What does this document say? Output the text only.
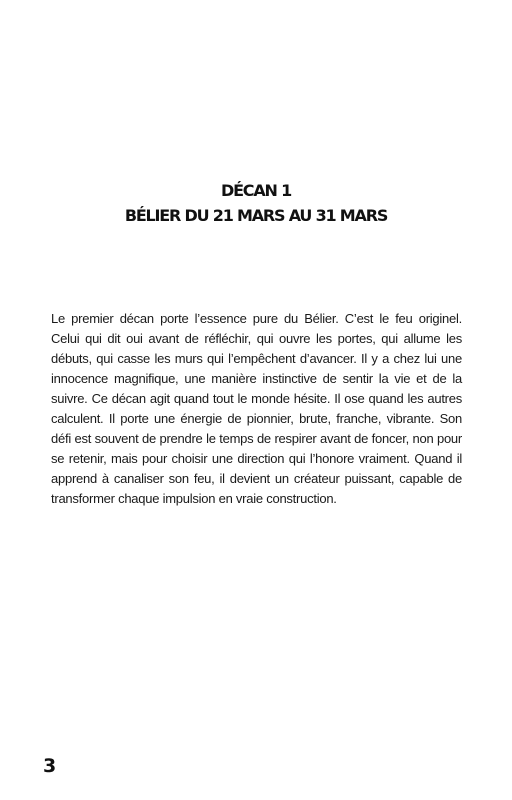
DÉCAN 1
BÉLIER DU 21 MARS AU 31 MARS

Le premier décan porte l’essence pure du Bélier. C’est le feu originel. Celui qui dit oui avant de réfléchir, qui ouvre les portes, qui allume les débuts, qui casse les murs qui l’empêchent d’avancer. Il y a chez lui une innocence magnifique, une manière instinctive de sentir la vie et de la suivre. Ce décan agit quand tout le monde hésite. Il ose quand les autres calculent. Il porte une énergie de pionnier, brute, franche, vibrante. Son défi est souvent de prendre le temps de respirer avant de foncer, non pour se retenir, mais pour choisir une direction qui l’honore vraiment. Quand il apprend à canaliser son feu, il devient un créateur puissant, capable de transformer chaque impulsion en vraie construction.

3
